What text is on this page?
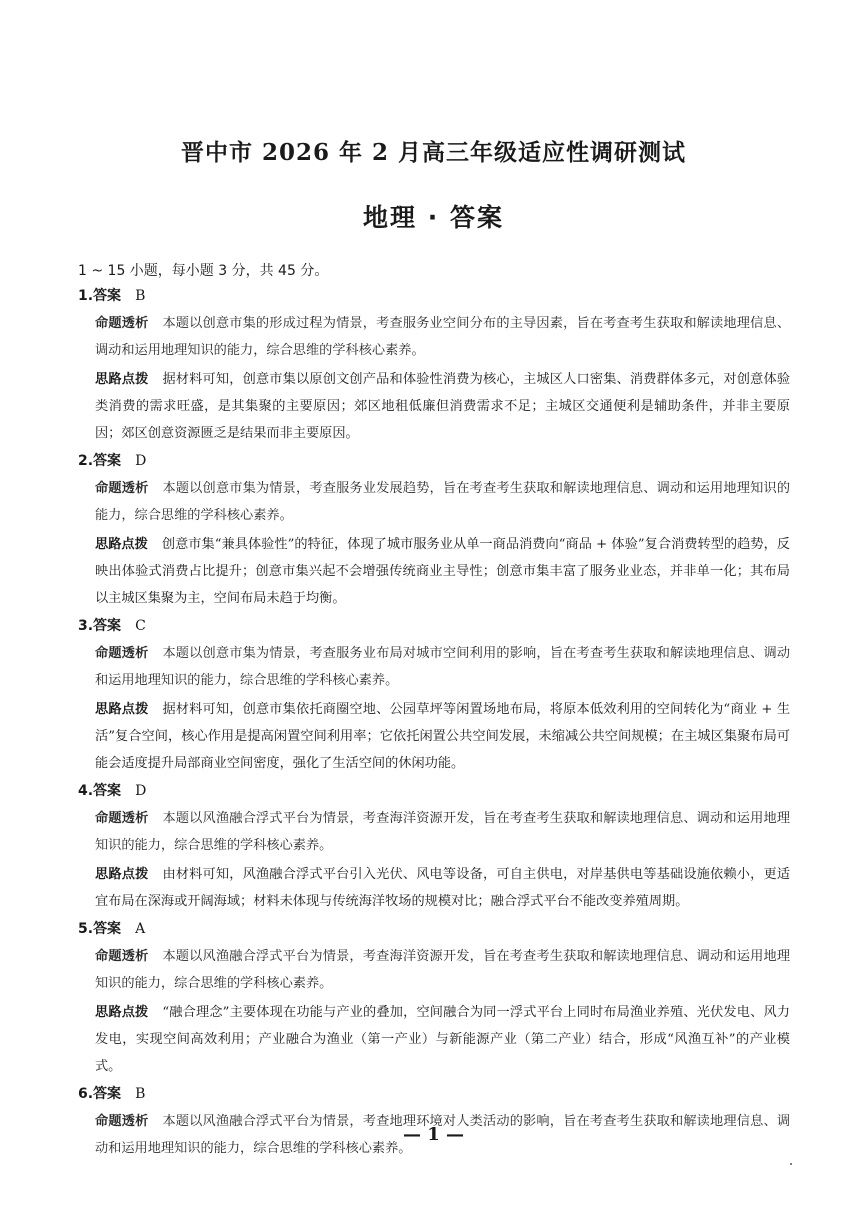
晋中市 2026 年 2 月高三年级适应性调研测试
地理 · 答案
1 ~ 15 小题，每小题 3 分，共 45 分。
1.答案 B
命题透析 本题以创意市集的形成过程为情景，考查服务业空间分布的主导因素，旨在考查考生获取和解读地理信息、调动和运用地理知识的能力，综合思维的学科核心素养。
思路点拨 据材料可知，创意市集以原创文创产品和体验性消费为核心，主城区人口密集、消费群体多元，对创意体验类消费的需求旺盛，是其集聚的主要原因；郊区地租低廉但消费需求不足；主城区交通便利是辅助条件，并非主要原因；郊区创意资源匮乏是结果而非主要原因。
2.答案 D
命题透析 本题以创意市集为情景，考查服务业发展趋势，旨在考查考生获取和解读地理信息、调动和运用地理知识的能力，综合思维的学科核心素养。
思路点拨 创意市集“兼具体验性”的特征，体现了城市服务业从单一商品消费向“商品 + 体验”复合消费转型的趋势，反映出体验式消费占比提升；创意市集兴起不会增强传统商业主导性；创意市集丰富了服务业业态，并非单一化；其布局以主城区集聚为主，空间布局未趋于均衡。
3.答案 C
命题透析 本题以创意市集为情景，考查服务业布局对城市空间利用的影响，旨在考查考生获取和解读地理信息、调动和运用地理知识的能力，综合思维的学科核心素养。
思路点拨 据材料可知，创意市集依托商圈空地、公园草坪等闲置场地布局，将原本低效利用的空间转化为“商业 + 生活”复合空间，核心作用是提高闲置空间利用率；它依托闲置公共空间发展，未缩减公共空间规模；在主城区集聚布局可能会适度提升局部商业空间密度，强化了生活空间的休闲功能。
4.答案 D
命题透析 本题以风渔融合浮式平台为情景，考查海洋资源开发，旨在考查考生获取和解读地理信息、调动和运用地理知识的能力，综合思维的学科核心素养。
思路点拨 由材料可知，风渔融合浮式平台引入光伏、风电等设备，可自主供电，对岸基供电等基础设施依赖小，更适宜布局在深海或开阔海域；材料未体现与传统海洋牧场的规模对比；融合浮式平台不能改变养殖周期。
5.答案 A
命题透析 本题以风渔融合浮式平台为情景，考查海洋资源开发，旨在考查考生获取和解读地理信息、调动和运用地理知识的能力，综合思维的学科核心素养。
思路点拨 “融合理念”主要体现在功能与产业的叠加，空间融合为同一浮式平台上同时布局渔业养殖、光伏发电、风力发电，实现空间高效利用；产业融合为渔业（第一产业）与新能源产业（第二产业）结合，形成“风渔互补”的产业模式。
6.答案 B
命题透析 本题以风渔融合浮式平台为情景，考查地理环境对人类活动的影响，旨在考查考生获取和解读地理信息、调动和运用地理知识的能力，综合思维的学科核心素养。
— 1 —
